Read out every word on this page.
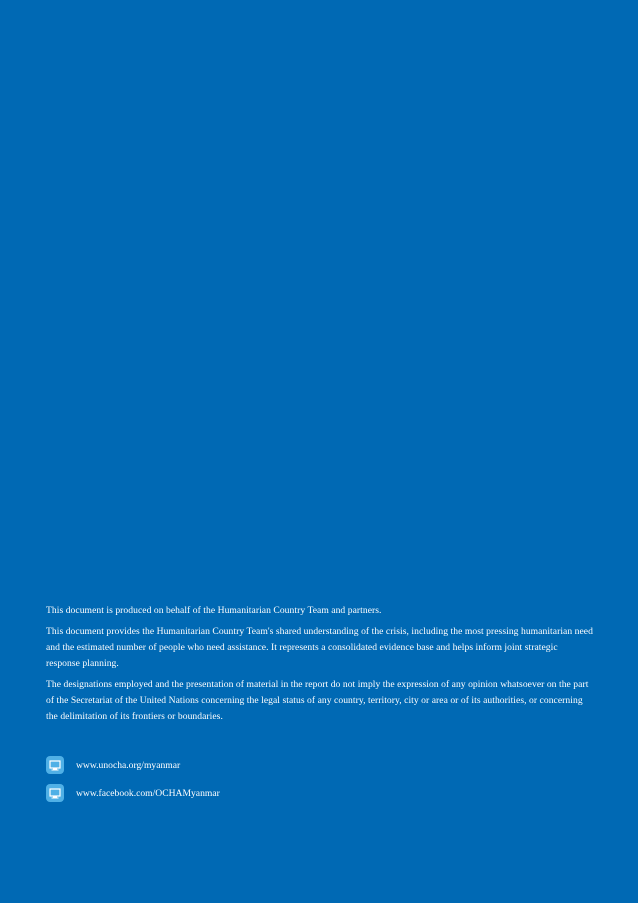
This document is produced on behalf of the Humanitarian Country Team and partners.

This document provides the Humanitarian Country Team's shared understanding of the crisis, including the most pressing humanitarian need and the estimated number of people who need assistance. It represents a consolidated evidence base and helps inform joint strategic response planning.

The designations employed and the presentation of material in the report do not imply the expression of any opinion whatsoever on the part of the Secretariat of the United Nations concerning the legal status of any country, territory, city or area or of its authorities, or concerning the delimitation of its frontiers or boundaries.

www.unocha.org/myanmar
www.facebook.com/OCHAMyanmar
